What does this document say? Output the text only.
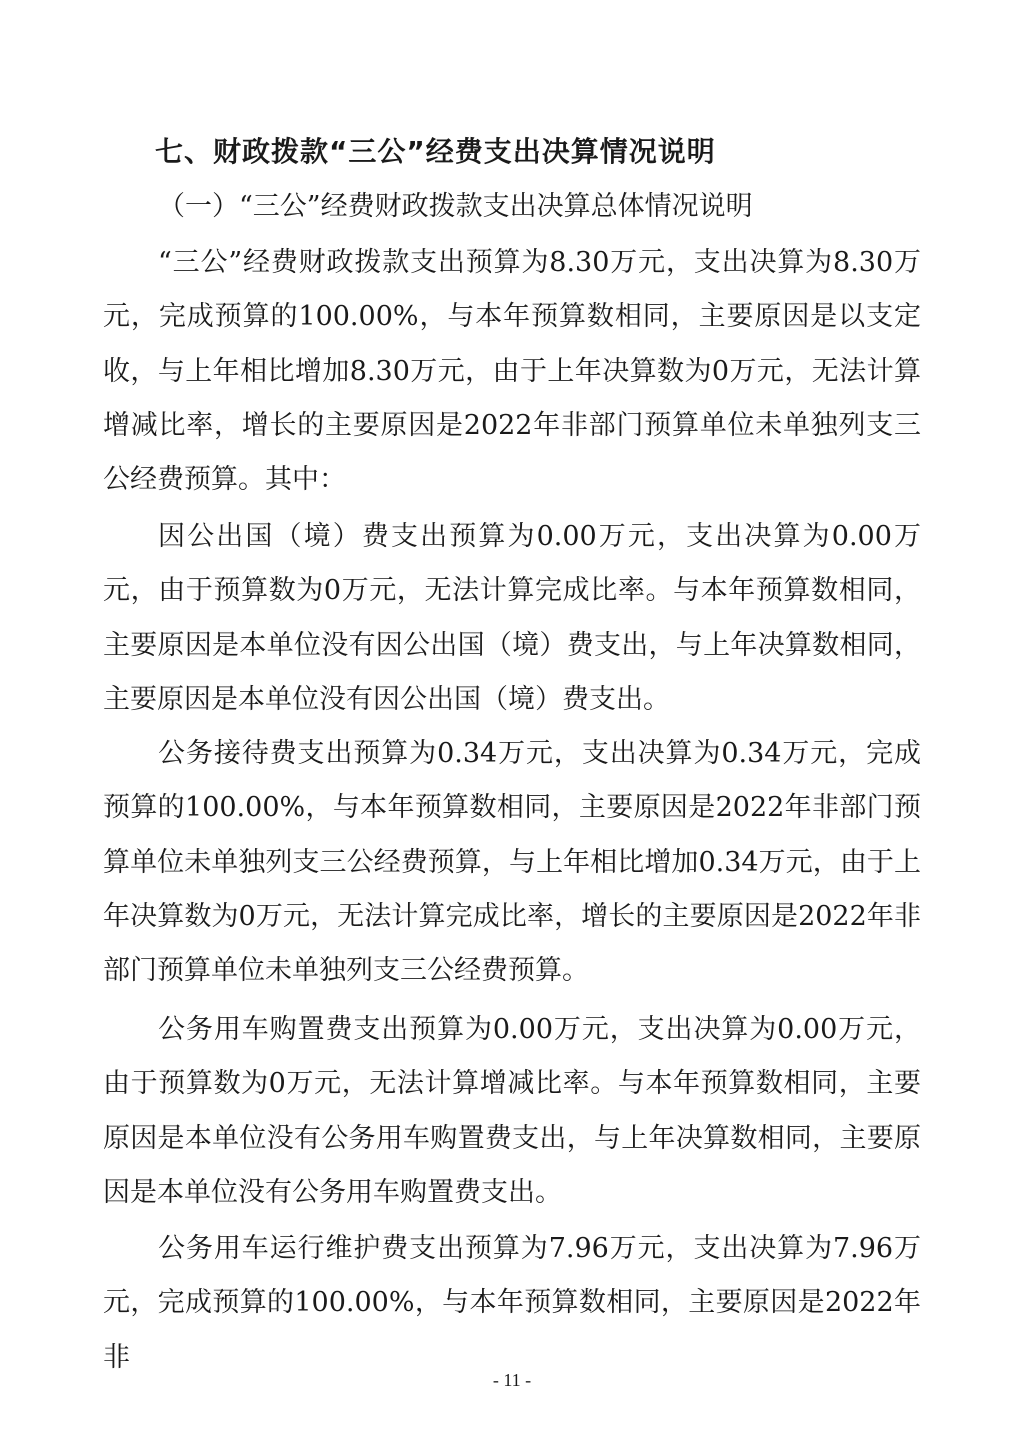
七、财政拨款“三公”经费支出决算情况说明
（一）“三公”经费财政拨款支出决算总体情况说明

“三公”经费财政拨款支出预算为8.30万元，支出决算为8.30万元，完成预算的100.00%，与本年预算数相同，主要原因是以支定收，与上年相比增加8.30万元，由于上年决算数为0万元，无法计算增减比率，增长的主要原因是2022年非部门预算单位未单独列支三公经费预算。其中：

因公出国（境）费支出预算为0.00万元，支出决算为0.00万元，由于预算数为0万元，无法计算完成比率。与本年预算数相同，主要原因是本单位没有因公出国（境）费支出，与上年决算数相同，主要原因是本单位没有因公出国（境）费支出。

公务接待费支出预算为0.34万元，支出决算为0.34万元，完成预算的100.00%，与本年预算数相同，主要原因是2022年非部门预算单位未单独列支三公经费预算，与上年相比增加0.34万元，由于上年决算数为0万元，无法计算完成比率，增长的主要原因是2022年非部门预算单位未单独列支三公经费预算。

公务用车购置费支出预算为0.00万元，支出决算为0.00万元，由于预算数为0万元，无法计算增减比率。与本年预算数相同，主要原因是本单位没有公务用车购置费支出，与上年决算数相同，主要原因是本单位没有公务用车购置费支出。

公务用车运行维护费支出预算为7.96万元，支出决算为7.96万元，完成预算的100.00%，与本年预算数相同，主要原因是2022年非

- 11 -
